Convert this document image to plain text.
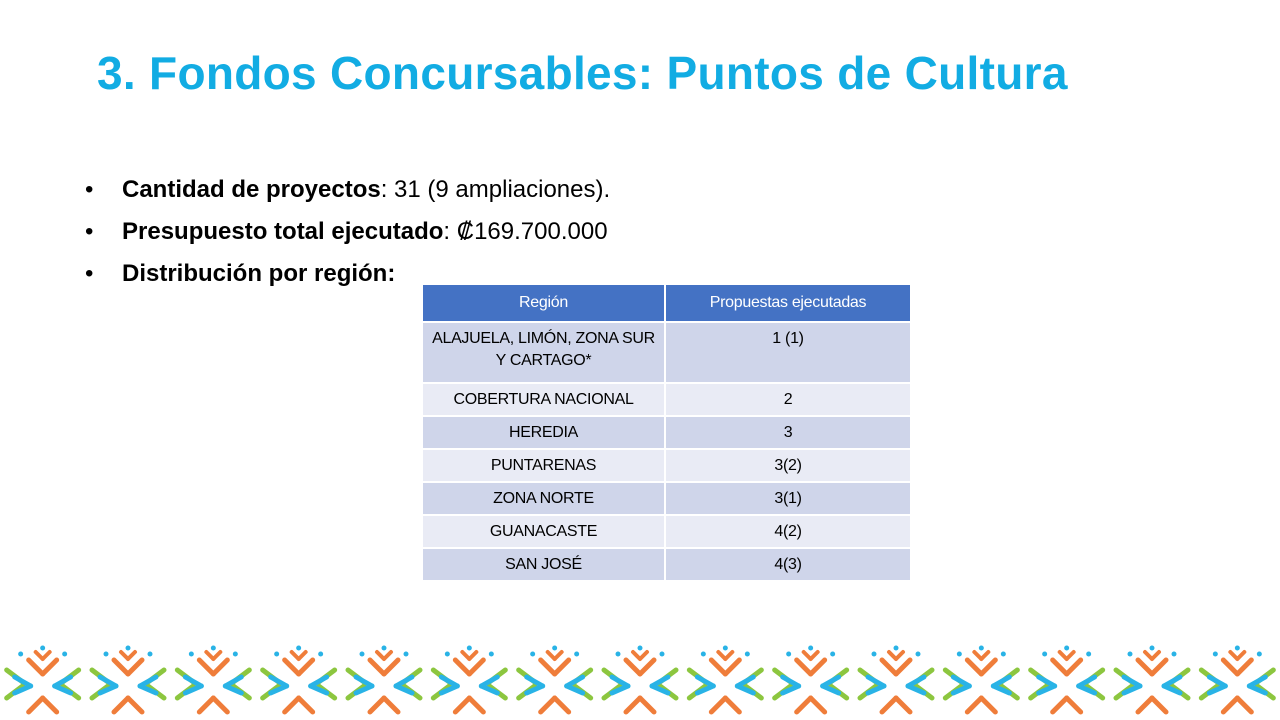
3. Fondos Concursables: Puntos de Cultura
• Cantidad de proyectos: 31 (9 ampliaciones).
• Presupuesto total ejecutado: ₡169.700.000
• Distribución por región:
Región	Propuestas ejecutadas
ALAJUELA, LIMÓN, ZONA SUR Y CARTAGO*	1 (1)
COBERTURA NACIONAL	2
HEREDIA	3
PUNTARENAS	3(2)
ZONA NORTE	3(1)
GUANACASTE	4(2)
SAN JOSÉ	4(3)
